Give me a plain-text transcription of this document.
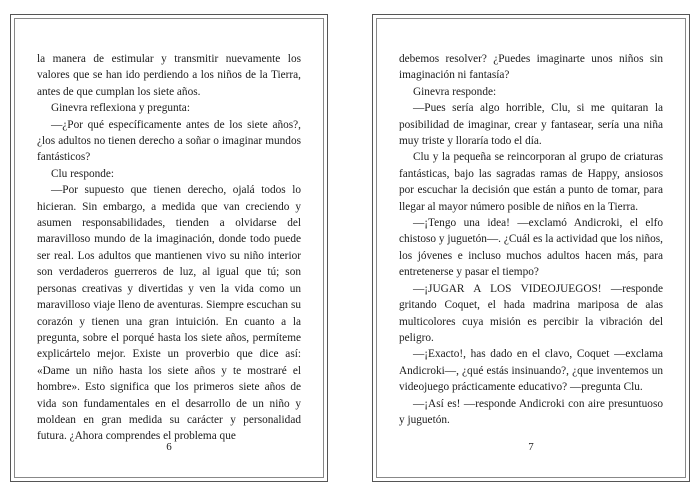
la manera de estimular y transmitir nuevamente los valores que se han ido perdiendo a los niños de la Tierra, antes de que cumplan los siete años.

Ginevra reflexiona y pregunta:

—¿Por qué específicamente antes de los siete años?, ¿los adultos no tienen derecho a soñar o imaginar mundos fantásticos?

Clu responde:

—Por supuesto que tienen derecho, ojalá todos lo hicieran. Sin embargo, a medida que van creciendo y asumen responsabilidades, tienden a olvidarse del maravilloso mundo de la imaginación, donde todo puede ser real. Los adultos que mantienen vivo su niño interior son verdaderos guerreros de luz, al igual que tú; son personas creativas y divertidas y ven la vida como un maravilloso viaje lleno de aventuras. Siempre escuchan su corazón y tienen una gran intuición. En cuanto a la pregunta, sobre el porqué hasta los siete años, permíteme explicártelo mejor. Existe un proverbio que dice así: «Dame un niño hasta los siete años y te mostraré el hombre». Esto significa que los primeros siete años de vida son fundamentales en el desarrollo de un niño y moldean en gran medida su carácter y personalidad futura. ¿Ahora comprendes el problema que

6

debemos resolver? ¿Puedes imaginarte unos niños sin imaginación ni fantasía?

Ginevra responde:

—Pues sería algo horrible, Clu, si me quitaran la posibilidad de imaginar, crear y fantasear, sería una niña muy triste y lloraría todo el día.

Clu y la pequeña se reincorporan al grupo de criaturas fantásticas, bajo las sagradas ramas de Happy, ansiosos por escuchar la decisión que están a punto de tomar, para llegar al mayor número posible de niños en la Tierra.

—¡Tengo una idea! —exclamó Andicroki, el elfo chistoso y juguetón—. ¿Cuál es la actividad que los niños, los jóvenes e incluso muchos adultos hacen más, para entretenerse y pasar el tiempo?

—¡JUGAR A LOS VIDEOJUEGOS! —responde gritando Coquet, el hada madrina mariposa de alas multicolores cuya misión es percibir la vibración del peligro.

—¡Exacto!, has dado en el clavo, Coquet —exclama Andicroki—, ¿qué estás insinuando?, ¿que inventemos un videojuego prácticamente educativo? —pregunta Clu.

—¡Así es! —responde Andicroki con aire presuntuoso y juguetón.

7
